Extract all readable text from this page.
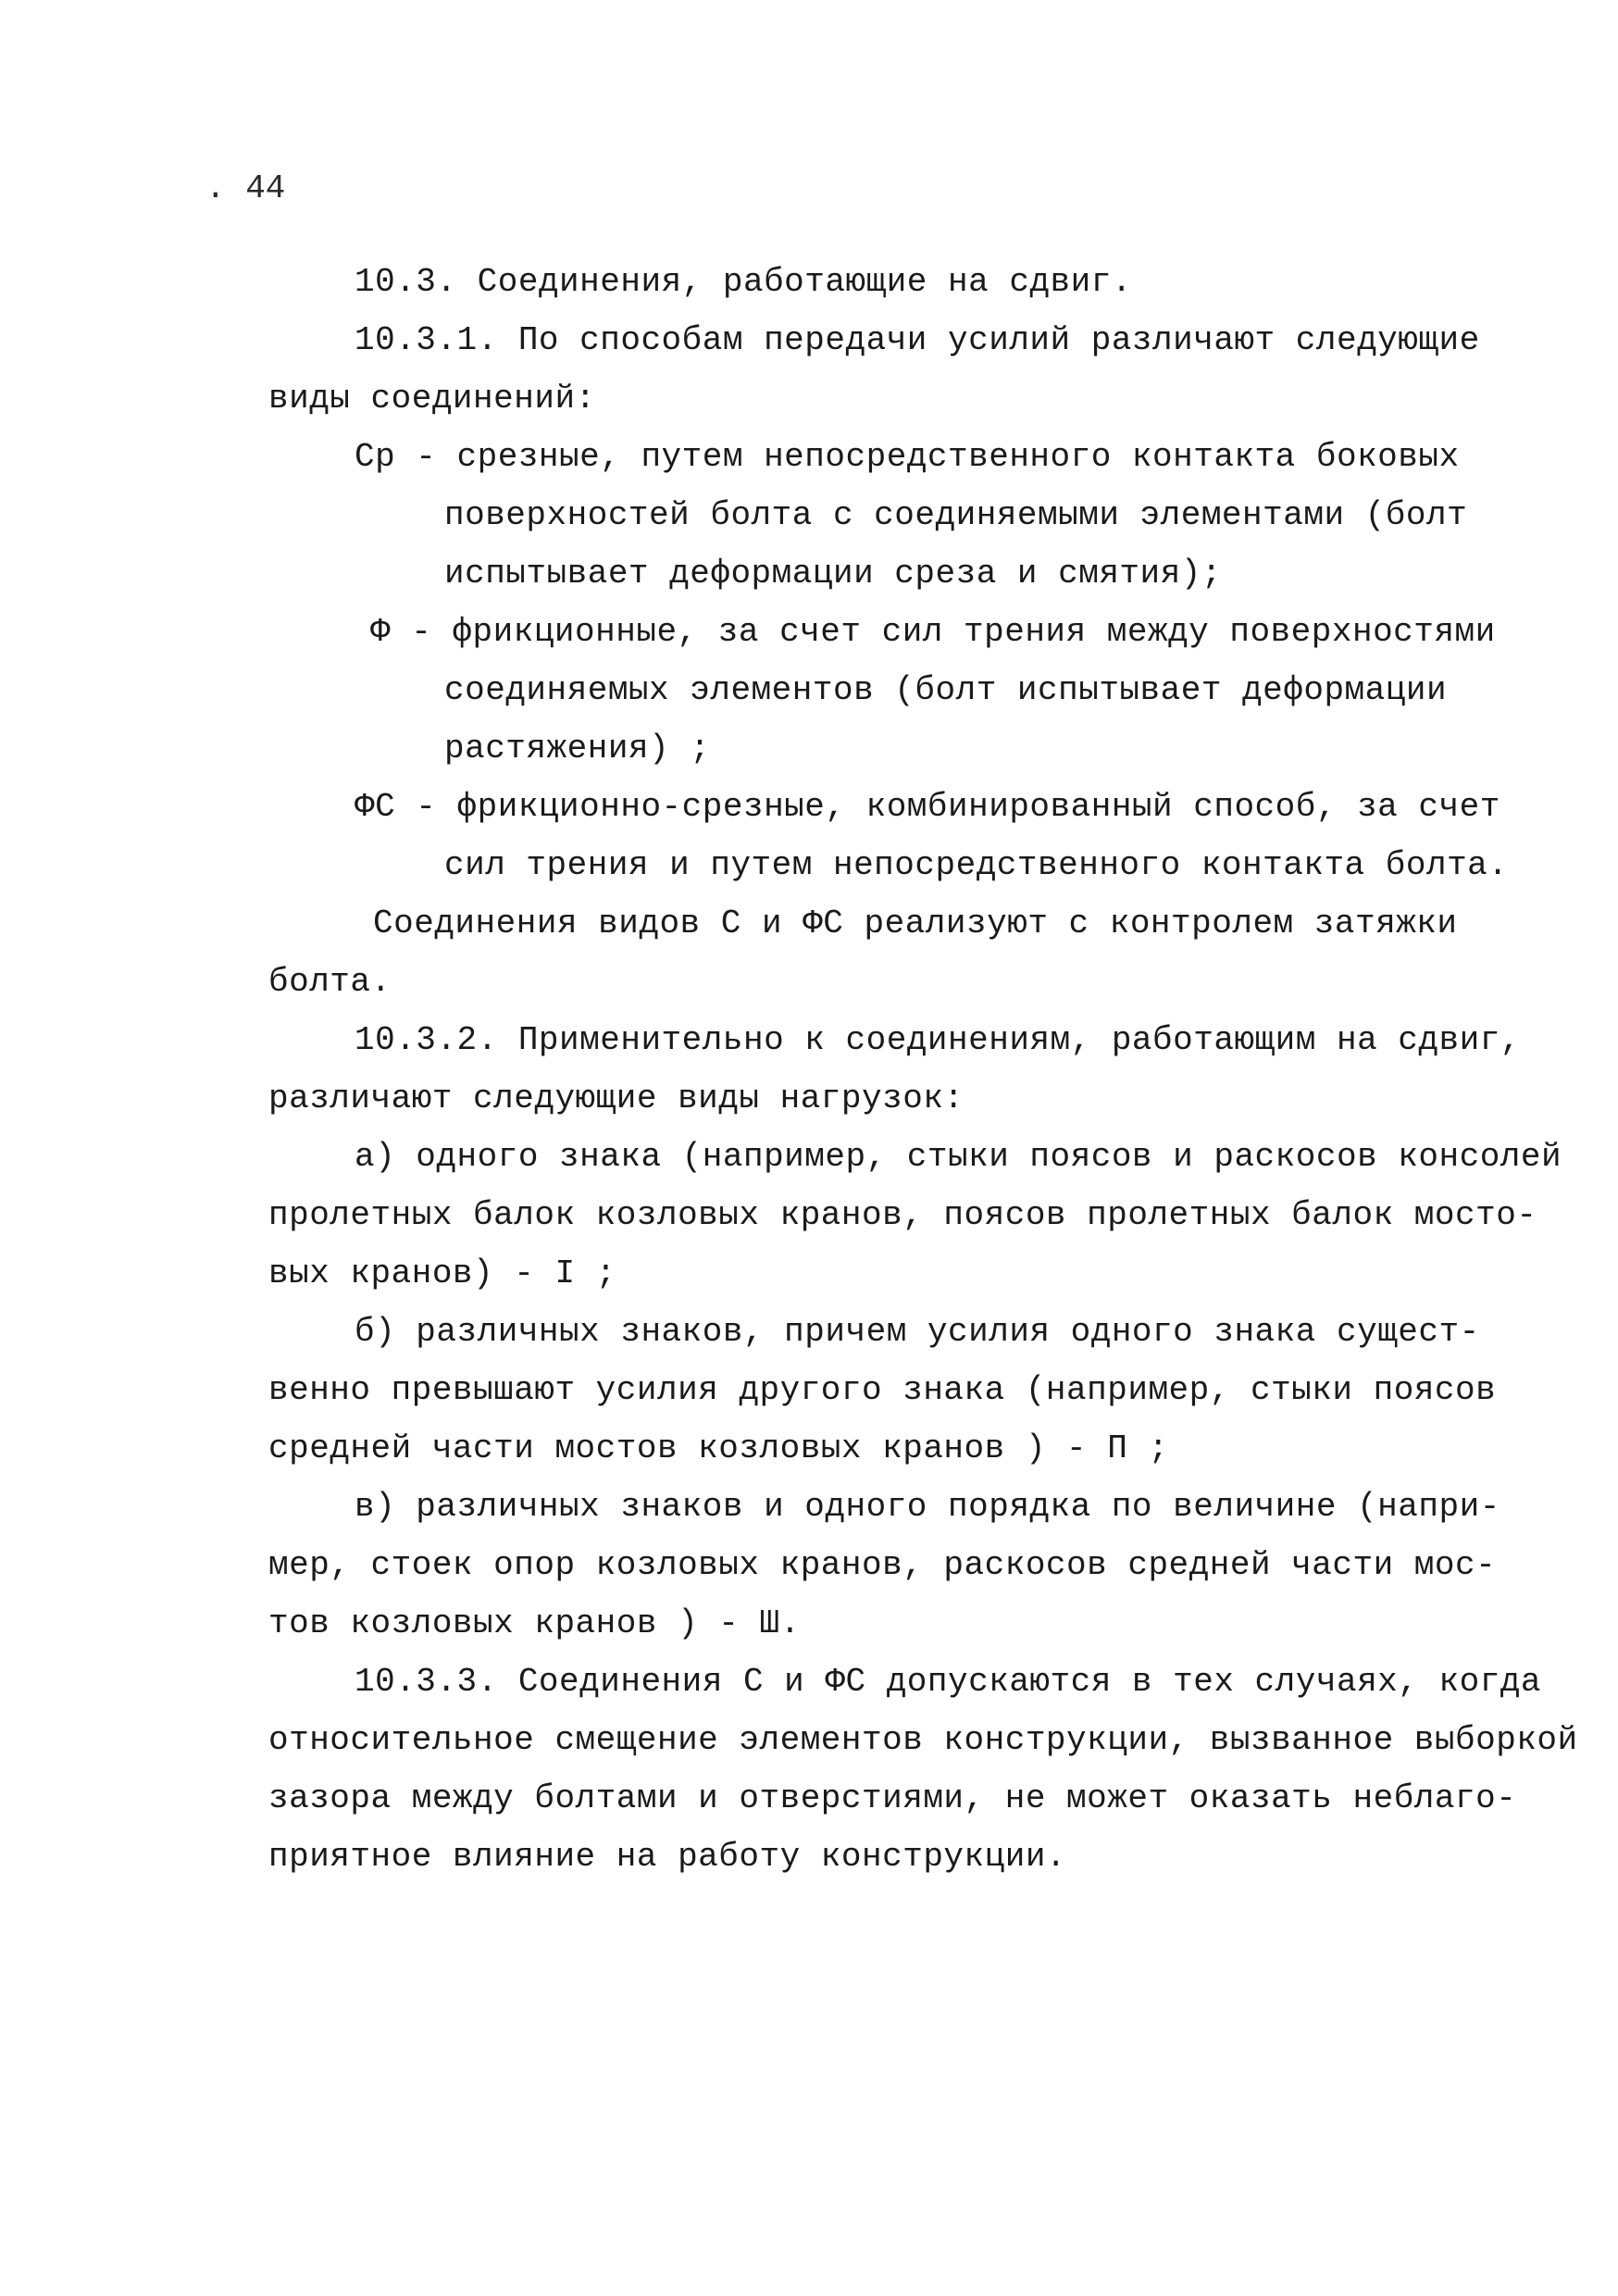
. 44
10.3. Соединения, работающие на сдвиг.
10.3.1. По способам передачи усилий различают следующие
виды соединений:
Ср - срезные, путем непосредственного контакта боковых
поверхностей болта с соединяемыми элементами (болт
испытывает деформации среза и смятия);
Ф - фрикционные, за счет сил трения между поверхностями
соединяемых элементов (болт испытывает деформации
растяжения) ;
ФС - фрикционно-срезные, комбинированный способ, за счет
сил трения и путем непосредственного контакта болта.
Соединения видов С и ФС реализуют с контролем затяжки
болта.
10.3.2. Применительно к соединениям, работающим на сдвиг,
различают следующие виды нагрузок:
а) одного знака (например, стыки поясов и раскосов консолей
пролетных балок козловых кранов, поясов пролетных балок мосто-
вых кранов) - I ;
б) различных знаков, причем усилия одного знака сущест-
венно превышают усилия другого знака (например, стыки поясов
средней части мостов козловых кранов ) - П ;
в) различных знаков и одного порядка по величине (напри-
мер, стоек опор козловых кранов, раскосов средней части мос-
тов козловых кранов ) - Ш.
10.3.3. Соединения С и ФС допускаются в тех случаях, когда
относительное смещение элементов конструкции, вызванное выборкой
зазора между болтами и отверстиями, не может оказать неблаго-
приятное влияние на работу конструкции.
